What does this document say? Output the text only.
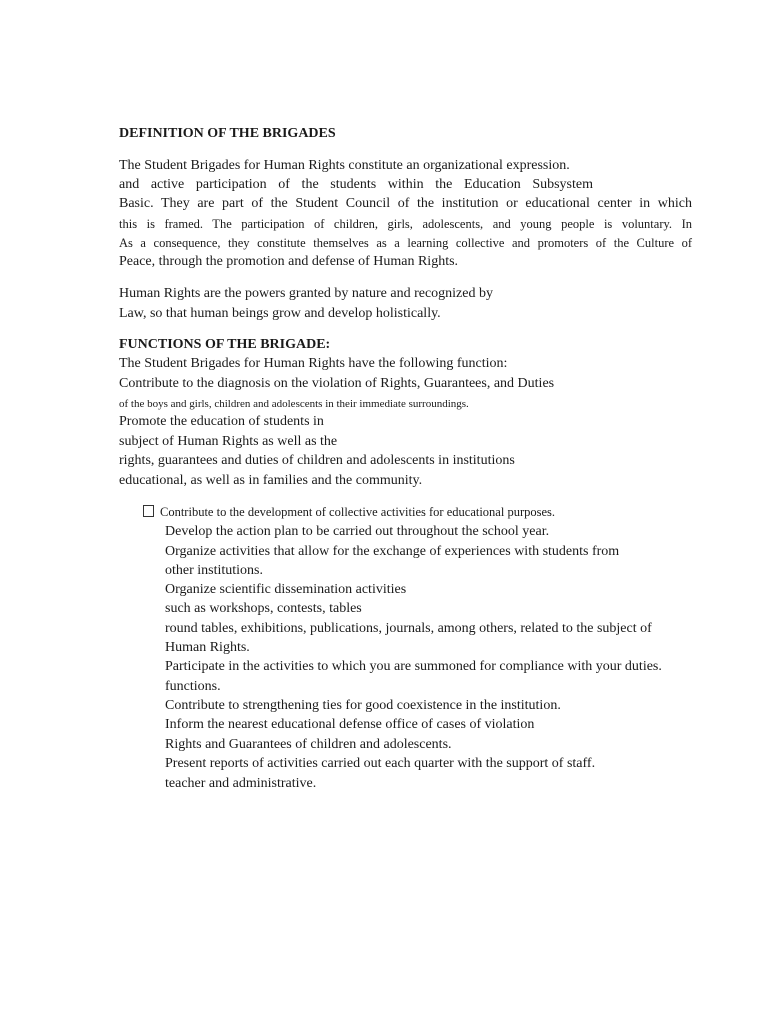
DEFINITION OF THE BRIGADES
The Student Brigades for Human Rights constitute an organizational expression.
and active participation of the students within the Education Subsystem
Basic. They are part of the Student Council of the institution or educational center in which
this is framed. The participation of children, girls, adolescents, and young people is voluntary. In
As a consequence, they constitute themselves as a learning collective and promoters of the Culture of
Peace, through the promotion and defense of Human Rights.
Human Rights are the powers granted by nature and recognized by
Law, so that human beings grow and develop holistically.
FUNCTIONS OF THE BRIGADE:
The Student Brigades for Human Rights have the following function:
Contribute to the diagnosis on the violation of Rights, Guarantees, and Duties
of the boys and girls, children and adolescents in their immediate surroundings.
Promote the education of students in
subject of Human Rights as well as the
rights, guarantees and duties of children and adolescents in institutions
educational, as well as in families and the community.
Contribute to the development of collective activities for educational purposes.
Develop the action plan to be carried out throughout the school year.
Organize activities that allow for the exchange of experiences with students from
other institutions.
Organize scientific dissemination activities
such as workshops, contests, tables
round tables, exhibitions, publications, journals, among others, related to the subject of
Human Rights.
Participate in the activities to which you are summoned for compliance with your duties.
functions.
Contribute to strengthening ties for good coexistence in the institution.
Inform the nearest educational defense office of cases of violation
Rights and Guarantees of children and adolescents.
Present reports of activities carried out each quarter with the support of staff.
teacher and administrative.
